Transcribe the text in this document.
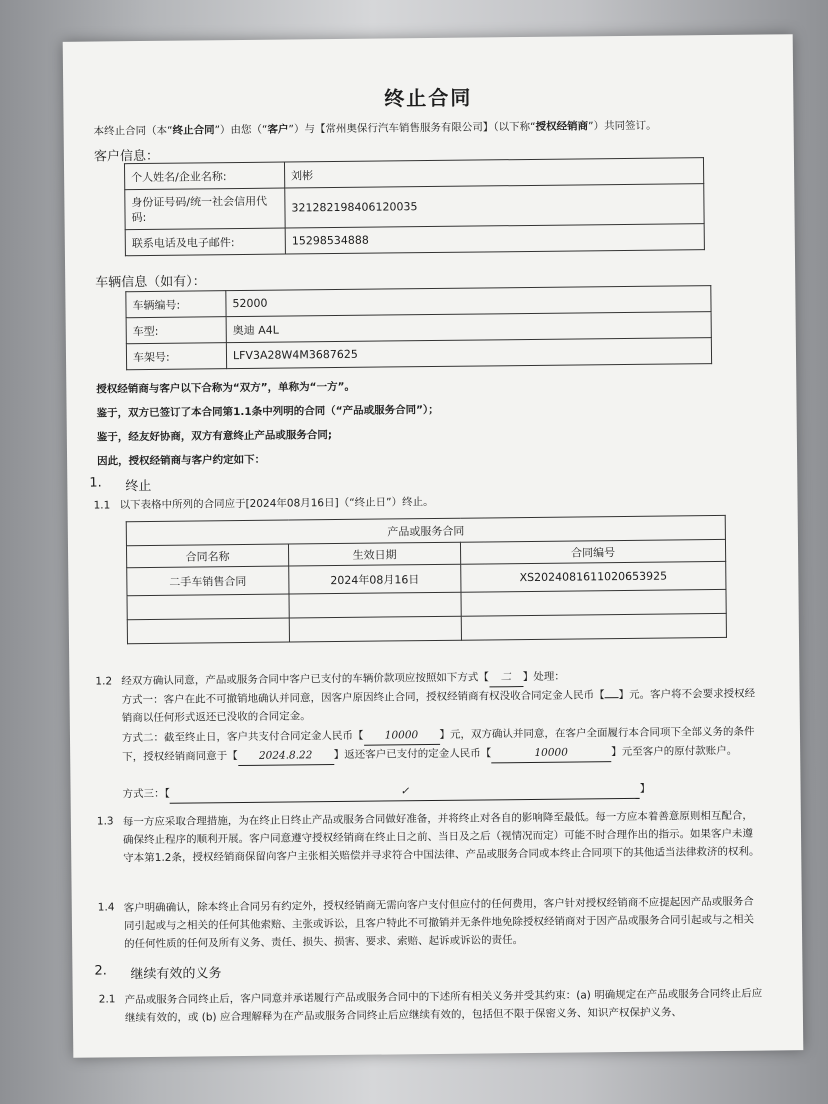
终止合同
本终止合同（本“终止合同”）由您（“客户”）与【常州奥保行汽车销售服务有限公司】（以下称“授权经销商”）共同签订。
客户信息：
个人姓名/企业名称:	刘彬
身份证号码/统一社会信用代码:	321282198406120035
联系电话及电子邮件:	15298534888
车辆信息（如有）：
车辆编号:	52000
车型:	奥迪 A4L
车架号:	LFV3A28W4M3687625
授权经销商与客户以下合称为“双方”，单称为“一方”。
鉴于，双方已签订了本合同第1.1条中列明的合同（“产品或服务合同”）；
鉴于，经友好协商，双方有意终止产品或服务合同;
因此，授权经销商与客户约定如下：
1. 终止
1.1 以下表格中所列的合同应于[2024年08月16日]（“终止日”）终止。
产品或服务合同		
合同名称	生效日期	合同编号
二手车销售合同	2024年08月16日	XS2024081611020653925

1.2 经双方确认同意，产品或服务合同中客户已支付的车辆价款项应按照如下方式【 二 】处理：
方式一：客户在此不可撤销地确认并同意，因客户原因终止合同，授权经销商有权没收合同定金人民币【 】元。客户将不会要求授权经销商以任何形式返还已没收的合同定金。
方式二：截至终止日，客户共支付合同定金人民币【 10000 】元，双方确认并同意，在客户全面履行本合同项下全部义务的条件下，授权经销商同意于【 2024.8.22 】返还客户已支付的定金人民币【	10000	】元至客户的原付款账户。
方式三：【	✓	】
1.3 每一方应采取合理措施，为在终止日终止产品或服务合同做好准备，并将终止对各自的影响降至最低。每一方应本着善意原则相互配合，确保终止程序的顺利开展。客户同意遵守授权经销商在终止日之前、当日及之后（视情况而定）可能不时合理作出的指示。如果客户未遵守本第1.2条，授权经销商保留向客户主张相关赔偿并寻求符合中国法律、产品或服务合同或本终止合同项下的其他适当法律救济的权利。
1.4 客户明确确认，除本终止合同另有约定外，授权经销商无需向客户支付但应付的任何费用，客户针对授权经销商不应提起因产品或服务合同引起或与之相关的任何其他索赔、主张或诉讼，且客户特此不可撤销并无条件地免除授权经销商对于因产品或服务合同引起或与之相关的任何性质的任何及所有义务、责任、损失、损害、要求、索赔、起诉或诉讼的责任。
2. 继续有效的义务
2.1 产品或服务合同终止后，客户同意并承诺履行产品或服务合同中的下述所有相关义务并受其约束：(a) 明确规定在产品或服务合同终止后应继续有效的，或 (b) 应合理解释为在产品或服务合同终止后应继续有效的，包括但不限于保密义务、知识产权保护义务、
